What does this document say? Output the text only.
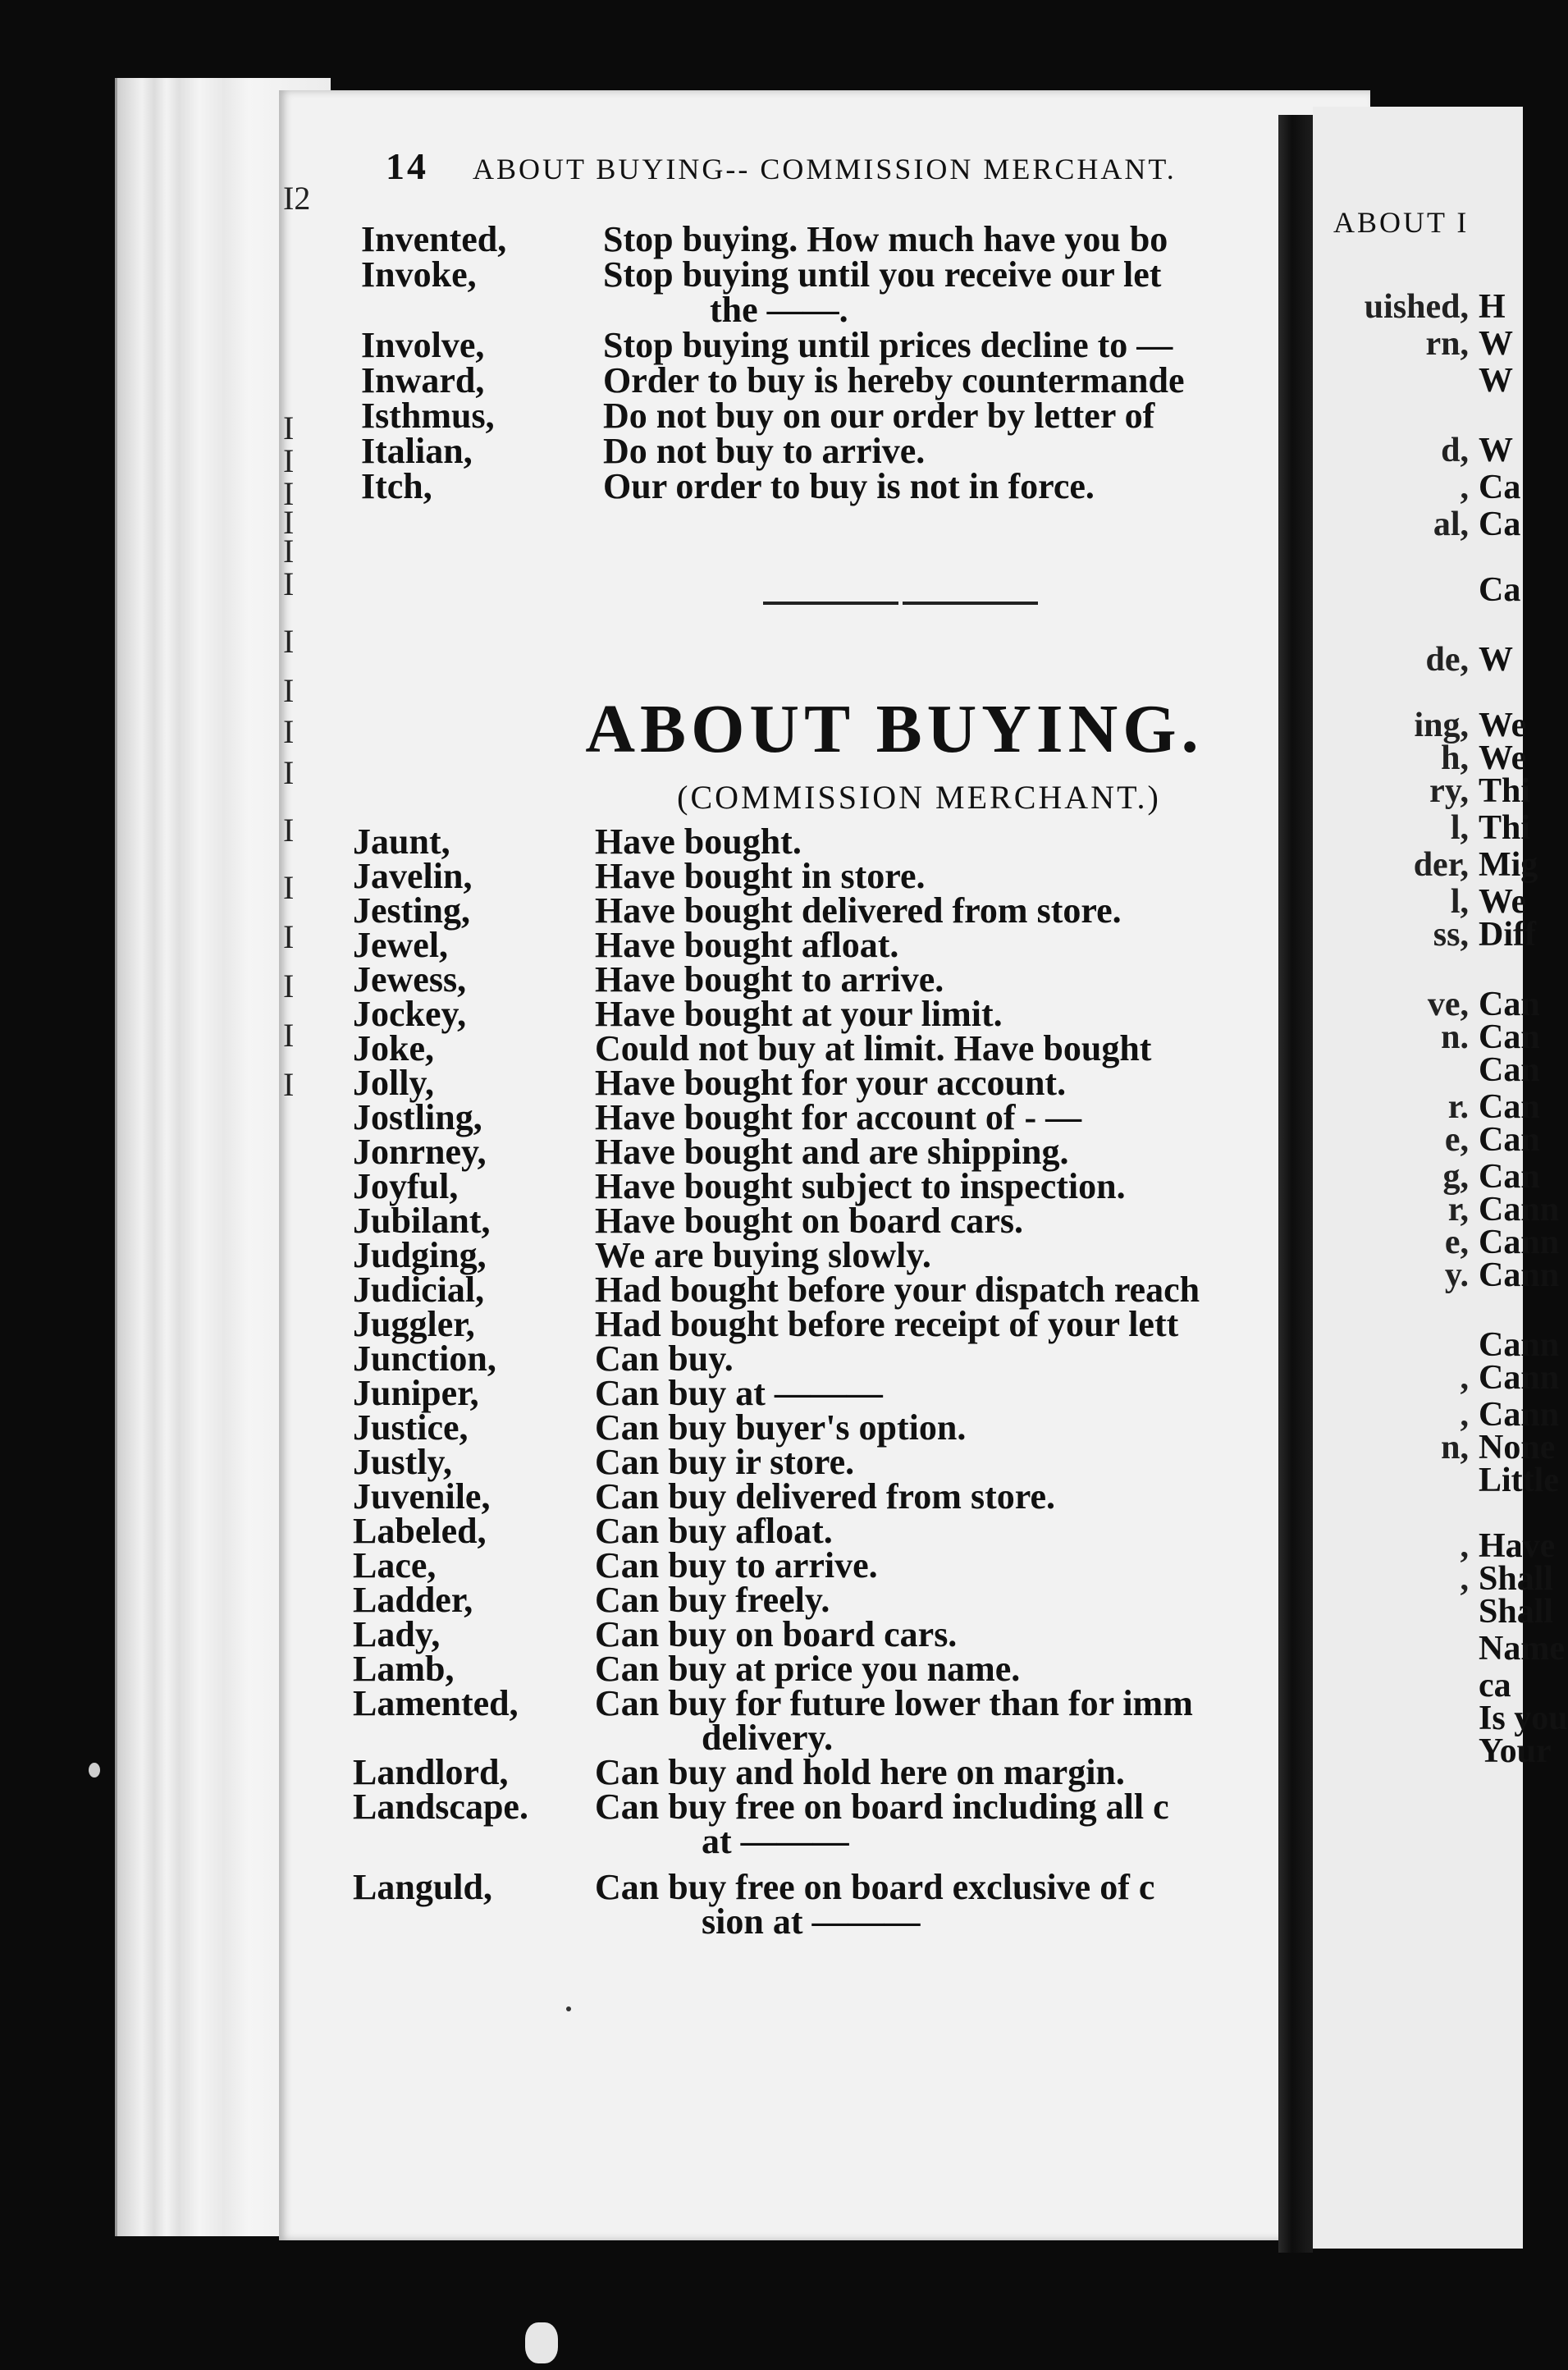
I2
I
I
I
I
I
I
I
I
I
I
I
I
I
I
I
I
14 ABOUT BUYING-- COMMISSION MERCHANT.
Invented,	Stop buying. How much have you bo
Invoke,	Stop buying until you receive our let
the ——.
Involve,	Stop buying until prices decline to —
Inward,	Order to buy is hereby countermande
Isthmus,	Do not buy on our order by letter of
Italian,	Do not buy to arrive.
Itch,	Our order to buy is not in force.
ABOUT BUYING.
(COMMISSION MERCHANT.)
Jaunt,	Have bought.
Javelin,	Have bought in store.
Jesting,	Have bought delivered from store.
Jewel,	Have bought afloat.
Jewess,	Have bought to arrive.
Jockey,	Have bought at your limit.
Joke,	Could not buy at limit. Have bought
Jolly,	Have bought for your account.
Jostling,	Have bought for account of - —
Jonrney,	Have bought and are shipping.
Joyful,	Have bought subject to inspection.
Jubilant,	Have bought on board cars.
Judging,	We are buying slowly.
Judicial,	Had bought before your dispatch reach
Juggler,	Had bought before receipt of your lett
Junction,	Can buy.
Juniper,	Can buy at ———
Justice,	Can buy buyer's option.
Justly,	Can buy ir store.
Juvenile,	Can buy delivered from store.
Labeled,	Can buy afloat.
Lace,	Can buy to arrive.
Ladder,	Can buy freely.
Lady,	Can buy on board cars.
Lamb,	Can buy at price you name.
Lamented,	Can buy for future lower than for imm
delivery.
Landlord,	Can buy and hold here on margin.
Landscape.	Can buy free on board including all c
at ———
Languld,	Can buy free on board exclusive of c
sion at ———
ABOUT I
uished, H
rn, W
W
d, W
, Ca
al, Ca
Ca
de, W
ing, We
h, We
ry, Thi
l, Thi
der, Mig
l, We
ss, Diff
ve, Can
n. Can
Can
r. Can
e, Can
g, Can
r, Cann
e, Cann
y. Cann
Cann
, Cann
, Cann
n, None
Little
, Have
, Shall
Shall
Name
ca
Is you
Your
